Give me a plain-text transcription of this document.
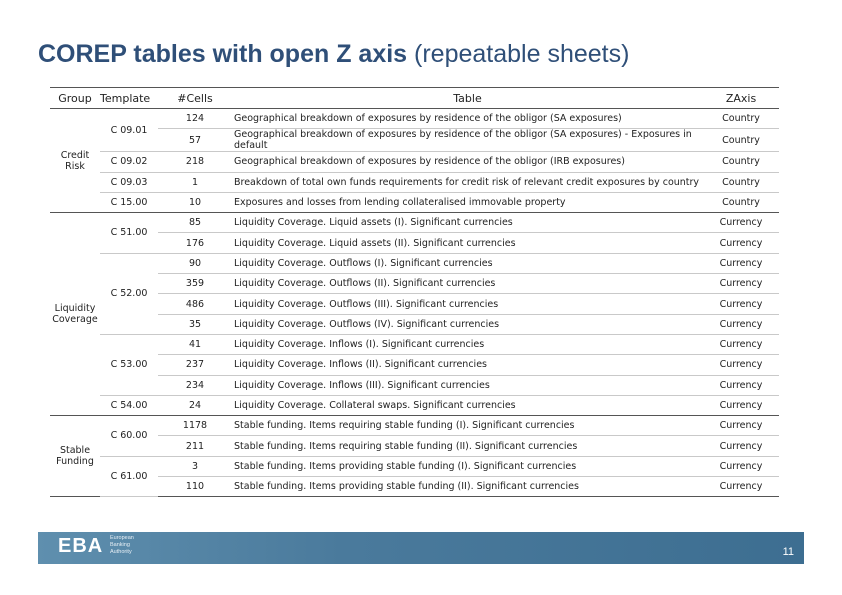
COREP tables with open Z axis (repeatable sheets)
Group	Template	#Cells	Table	ZAxis
Credit Risk	C 09.01	124	Geographical breakdown of exposures by residence of the obligor (SA exposures)	Country
		57	Geographical breakdown of exposures by residence of the obligor (SA exposures) - Exposures in default	Country
	C 09.02	218	Geographical breakdown of exposures by residence of the obligor (IRB exposures)	Country
	C 09.03	1	Breakdown of total own funds requirements for credit risk of relevant credit exposures by country	Country
	C 15.00	10	Exposures and losses from lending collateralised immovable property	Country
Liquidity Coverage	C 51.00	85	Liquidity Coverage. Liquid assets (I). Significant currencies	Currency
		176	Liquidity Coverage. Liquid assets (II). Significant currencies	Currency
	C 52.00	90	Liquidity Coverage. Outflows (I). Significant currencies	Currency
		359	Liquidity Coverage. Outflows (II). Significant currencies	Currency
		486	Liquidity Coverage. Outflows (III). Significant currencies	Currency
		35	Liquidity Coverage. Outflows (IV). Significant currencies	Currency
	C 53.00	41	Liquidity Coverage. Inflows (I). Significant currencies	Currency
		237	Liquidity Coverage. Inflows (II). Significant currencies	Currency
		234	Liquidity Coverage. Inflows (III). Significant currencies	Currency
	C 54.00	24	Liquidity Coverage. Collateral swaps. Significant currencies	Currency
Stable Funding	C 60.00	1178	Stable funding. Items requiring stable funding (I). Significant currencies	Currency
		211	Stable funding. Items requiring stable funding (II). Significant currencies	Currency
	C 61.00	3	Stable funding. Items providing stable funding (I). Significant currencies	Currency
		110	Stable funding. Items providing stable funding (II). Significant currencies	Currency
EBA European
Banking
Authority	11
